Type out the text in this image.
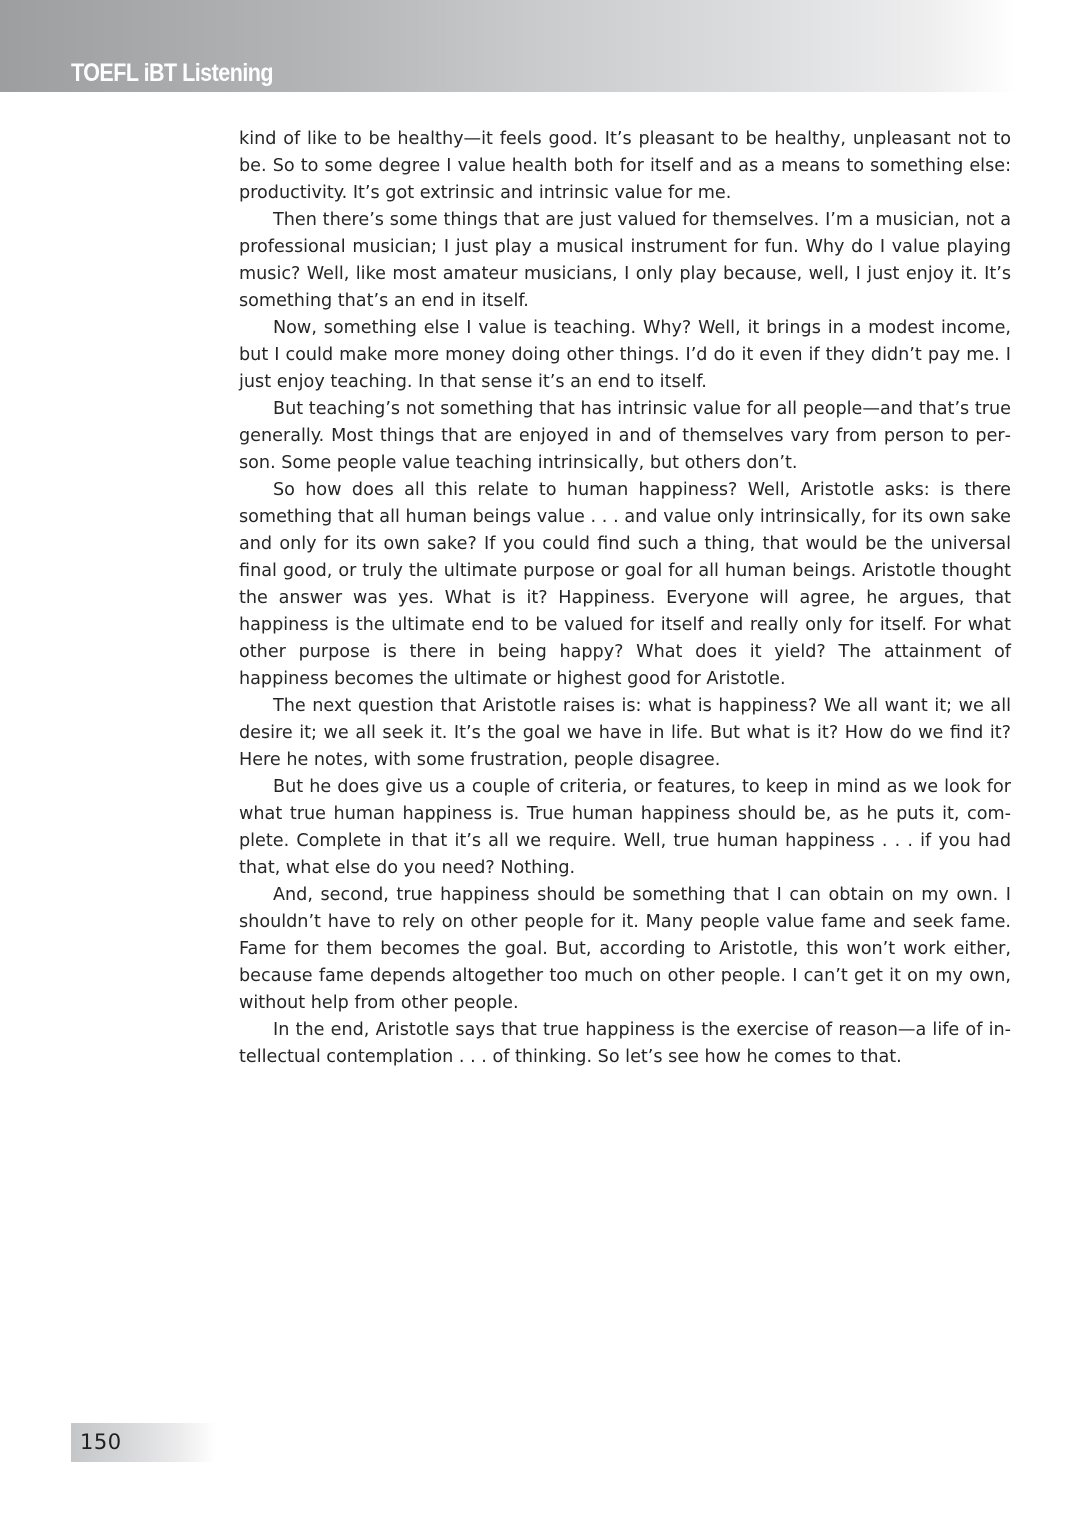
TOEFL iBT Listening

kind of like to be healthy—it feels good. It’s pleasant to be healthy, unpleasant not to be. So to some degree I value health both for itself and as a means to something else: productivity. It’s got extrinsic and intrinsic value for me.

Then there’s some things that are just valued for themselves. I’m a musician, not a professional musician; I just play a musical instrument for fun. Why do I value playing music? Well, like most amateur musicians, I only play because, well, I just enjoy it. It’s something that’s an end in itself.

Now, something else I value is teaching. Why? Well, it brings in a modest income, but I could make more money doing other things. I’d do it even if they didn’t pay me. I just enjoy teaching. In that sense it’s an end to itself.

But teaching’s not something that has intrinsic value for all people—and that’s true generally. Most things that are enjoyed in and of themselves vary from person to person. Some people value teaching intrinsically, but others don’t.

So how does all this relate to human happiness? Well, Aristotle asks: is there something that all human beings value . . . and value only intrinsically, for its own sake and only for its own sake? If you could find such a thing, that would be the universal final good, or truly the ultimate purpose or goal for all human beings. Aristotle thought the answer was yes. What is it? Happiness. Everyone will agree, he argues, that happiness is the ultimate end to be valued for itself and really only for itself. For what other purpose is there in being happy? What does it yield? The attainment of happiness becomes the ultimate or highest good for Aristotle.

The next question that Aristotle raises is: what is happiness? We all want it; we all desire it; we all seek it. It’s the goal we have in life. But what is it? How do we find it? Here he notes, with some frustration, people disagree.

But he does give us a couple of criteria, or features, to keep in mind as we look for what true human happiness is. True human happiness should be, as he puts it, complete. Complete in that it’s all we require. Well, true human happiness . . . if you had that, what else do you need? Nothing.

And, second, true happiness should be something that I can obtain on my own. I shouldn’t have to rely on other people for it. Many people value fame and seek fame. Fame for them becomes the goal. But, according to Aristotle, this won’t work either, because fame depends altogether too much on other people. I can’t get it on my own, without help from other people.

In the end, Aristotle says that true happiness is the exercise of reason—a life of intellectual contemplation . . . of thinking. So let’s see how he comes to that.

150
